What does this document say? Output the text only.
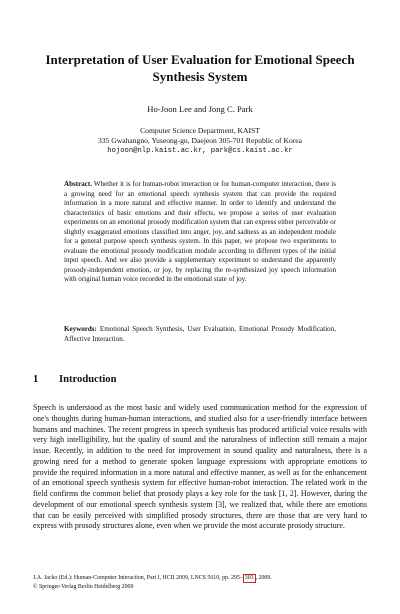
Interpretation of User Evaluation for Emotional Speech
Synthesis System
Ho-Joon Lee and Jong C. Park
Computer Science Department, KAIST
335 Gwahangno, Yuseong-gu, Daejeon 305-701 Republic of Korea
hojoon@nlp.kaist.ac.kr, park@cs.kaist.ac.kr

Abstract. Whether it is for human-robot interaction or for human-computer interaction, there is a growing need for an emotional speech synthesis system that can provide the required information in a more natural and effective manner. In order to identify and understand the characteristics of basic emotions and their effects, we propose a series of user evaluation experiments on an emotional prosody modification system that can express either perceivable or slightly exaggerated emotions classified into anger, joy, and sadness as an independent module for a general purpose speech synthesis system. In this paper, we propose two experiments to evaluate the emotional prosody modification module according to different types of the initial input speech. And we also provide a supplementary experiment to understand the apparently prosody-independent emotion, or joy, by replacing the re-synthesized joy speech information with original human voice recorded in the emotional state of joy.

Keywords: Emotional Speech Synthesis, User Evaluation, Emotional Prosody Modification, Affective Interaction.

1 Introduction

Speech is understood as the most basic and widely used communication method for the expression of one's thoughts during human-human interactions, and studied also for a user-friendly interface between humans and machines. The recent progress in speech synthesis has produced artificial voice results with very high intelligibility, but the quality of sound and the naturalness of inflection still remain a major issue. Recently, in addition to the need for improvement in sound quality and naturalness, there is a growing need for a method to generate spoken language expressions with appropriate emotions to provide the required information in a more natural and effective manner, as well as for the enhancement of an emotional speech synthesis system for effective human-robot interaction. The related work in the field confirms the common belief that prosody plays a key role for the task [1, 2]. However, during the development of our emotional speech synthesis system [3], we realized that, while there are emotions that can be easily perceived with simplified prosody structures, there are those that are very hard to express with prosody structures alone, even when we provide the most accurate prosody structure.

J.A. Jacko (Ed.): Human-Computer Interaction, Part I, HCII 2009, LNCS 5610, pp. 295– 303 , 2009.
© Springer-Verlag Berlin Heidelberg 2009
